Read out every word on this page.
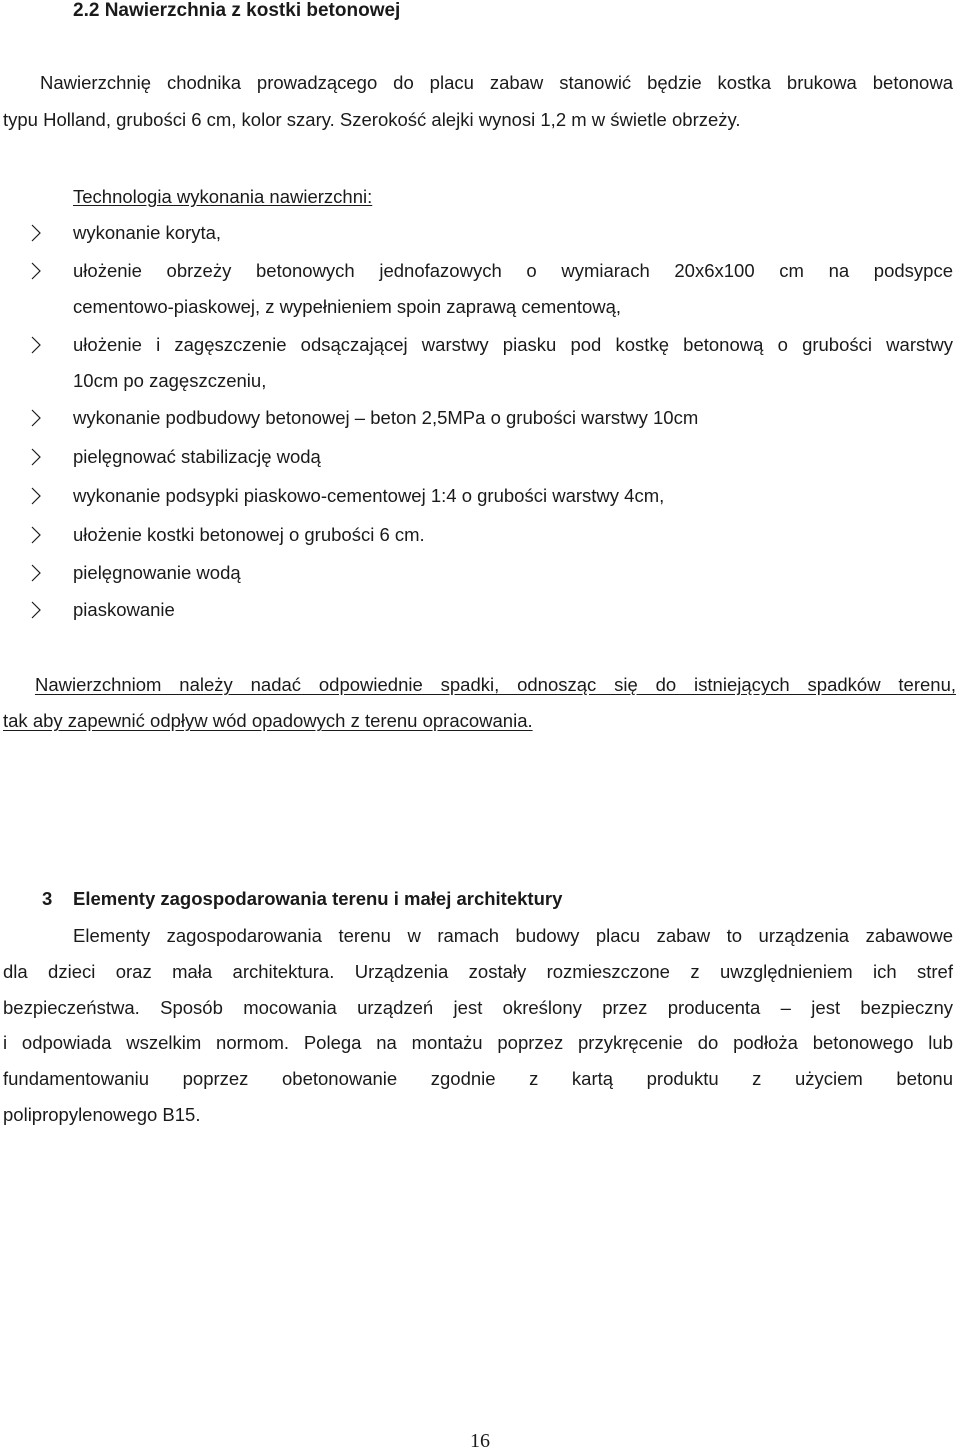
2.2 Nawierzchnia z kostki betonowej
Nawierzchnię chodnika prowadzącego do placu zabaw stanowić będzie kostka brukowa betonowa
typu Holland, grubości 6 cm, kolor szary. Szerokość alejki wynosi 1,2 m w świetle obrzeży.
Technologia wykonania nawierzchni:
wykonanie koryta,
ułożenie obrzeży betonowych jednofazowych o wymiarach 20x6x100 cm na podsypce
cementowo-piaskowej, z wypełnieniem spoin zaprawą cementową,
ułożenie i zagęszczenie odsączającej warstwy piasku pod kostkę betonową o grubości warstwy
10cm po zagęszczeniu,
wykonanie podbudowy betonowej – beton 2,5MPa o grubości warstwy 10cm
pielęgnować stabilizację wodą
wykonanie podsypki piaskowo-cementowej 1:4 o grubości warstwy 4cm,
ułożenie kostki betonowej o grubości 6 cm.
pielęgnowanie wodą
piaskowanie
Nawierzchniom należy nadać odpowiednie spadki, odnosząc się do istniejących spadków terenu,
tak aby zapewnić odpływ wód opadowych z terenu opracowania.
3 Elementy zagospodarowania terenu i małej architektury
Elementy zagospodarowania terenu w ramach budowy placu zabaw to urządzenia zabawowe
dla dzieci oraz mała architektura. Urządzenia zostały rozmieszczone z uwzględnieniem ich stref
bezpieczeństwa. Sposób mocowania urządzeń jest określony przez producenta – jest bezpieczny
i odpowiada wszelkim normom. Polega na montażu poprzez przykręcenie do podłoża betonowego lub
fundamentowaniu poprzez obetonowanie zgodnie z kartą produktu z użyciem betonu
polipropylenowego B15.
16
